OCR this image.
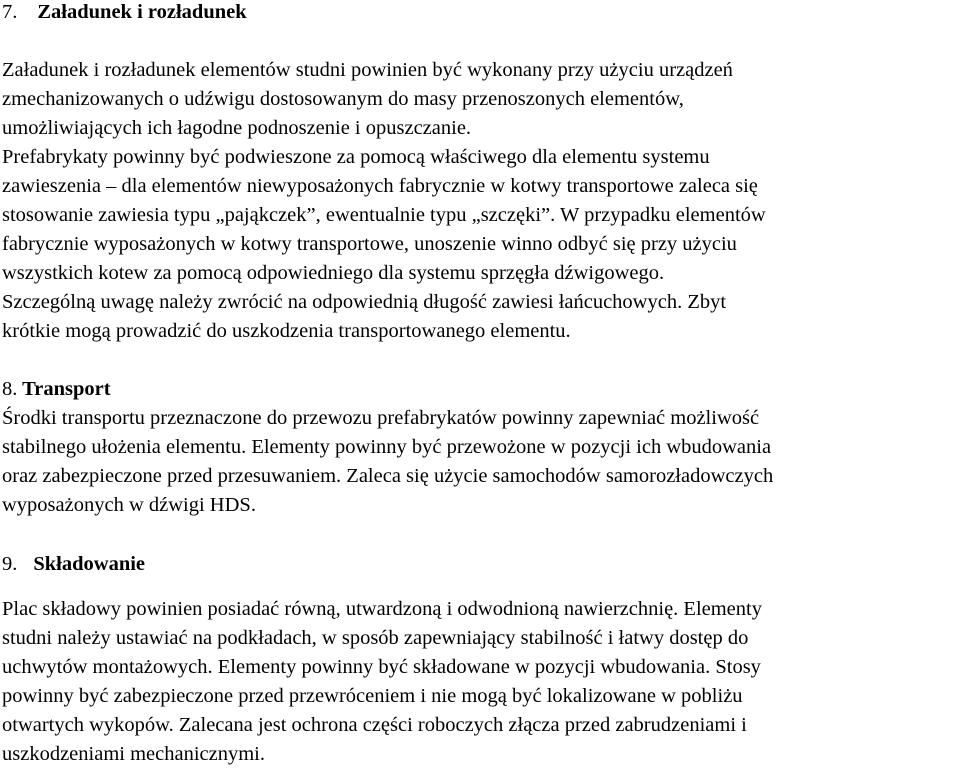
7. Załadunek i rozładunek
Załadunek i rozładunek elementów studni powinien być wykonany przy użyciu urządzeń
zmechanizowanych o udźwigu dostosowanym do masy przenoszonych elementów,
umożliwiających ich łagodne podnoszenie i opuszczanie.
Prefabrykaty powinny być podwieszone za pomocą właściwego dla elementu systemu
zawieszenia – dla elementów niewyposażonych fabrycznie w kotwy transportowe zaleca się
stosowanie zawiesia typu „pająkczek”, ewentualnie typu „szczęki”. W przypadku elementów
fabrycznie wyposażonych w kotwy transportowe, unoszenie winno odbyć się przy użyciu
wszystkich kotew za pomocą odpowiedniego dla systemu sprzęgła dźwigowego.
Szczególną uwagę należy zwrócić na odpowiednią długość zawiesi łańcuchowych. Zbyt
krótkie mogą prowadzić do uszkodzenia transportowanego elementu.
8. Transport
Środki transportu przeznaczone do przewozu prefabrykatów powinny zapewniać możliwość
stabilnego ułożenia elementu. Elementy powinny być przewożone w pozycji ich wbudowania
oraz zabezpieczone przed przesuwaniem. Zaleca się użycie samochodów samorozładowczych
wyposażonych w dźwigi HDS.
9. Składowanie
Plac składowy powinien posiadać równą, utwardzoną i odwodnioną nawierzchnię. Elementy
studni należy ustawiać na podkładach, w sposób zapewniający stabilność i łatwy dostęp do
uchwytów montażowych. Elementy powinny być składowane w pozycji wbudowania. Stosy
powinny być zabezpieczone przed przewróceniem i nie mogą być lokalizowane w pobliżu
otwartych wykopów. Zalecana jest ochrona części roboczych złącza przed zabrudzeniami i
uszkodzeniami mechanicznymi.
